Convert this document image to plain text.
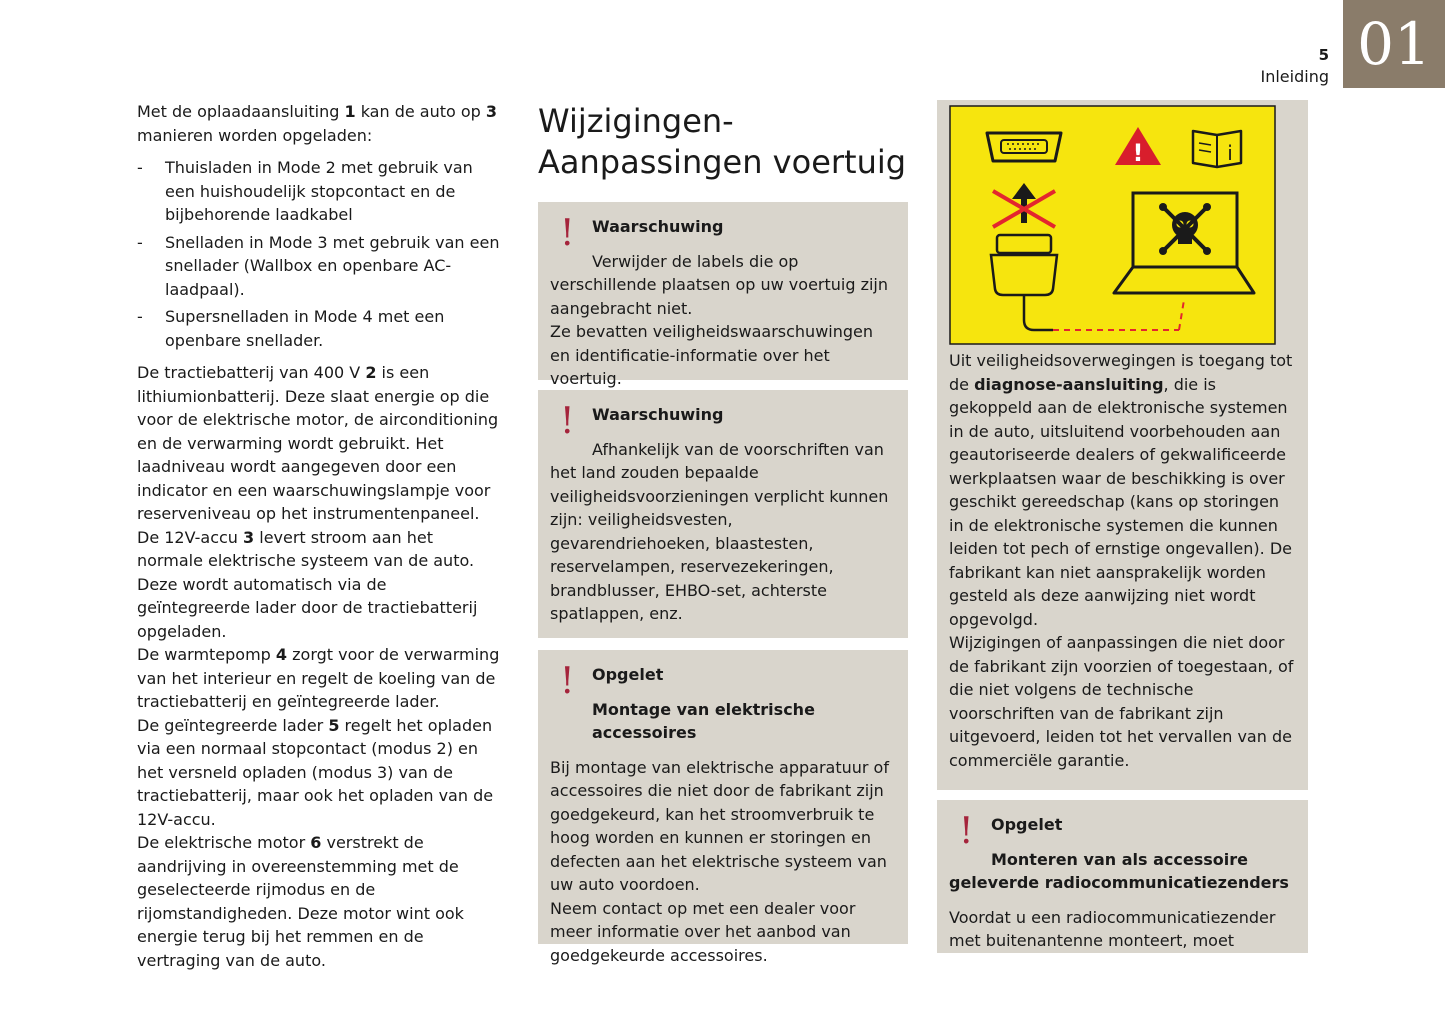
5
Inleiding 01

Met de oplaadaansluiting 1 kan de auto op 3 manieren worden opgeladen:

- Thuisladen in Mode 2 met gebruik van een huishoudelijk stopcontact en de bijbehorende laadkabel
- Snelladen in Mode 3 met gebruik van een snellader (Wallbox en openbare AC-laadpaal).
- Supersnelladen in Mode 4 met een openbare snellader.

De tractiebatterij van 400 V 2 is een lithiumionbatterij. Deze slaat energie op die voor de elektrische motor, de airconditioning en de verwarming wordt gebruikt. Het laadniveau wordt aangegeven door een indicator en een waarschuwingslampje voor reserveniveau op het instrumentenpaneel.

De 12V-accu 3 levert stroom aan het normale elektrische systeem van de auto. Deze wordt automatisch via de geïntegreerde lader door de tractiebatterij opgeladen.

De warmtepomp 4 zorgt voor de verwarming van het interieur en regelt de koeling van de tractiebatterij en geïntegreerde lader.

De geïntegreerde lader 5 regelt het opladen via een normaal stopcontact (modus 2) en het versneld opladen (modus 3) van de tractiebatterij, maar ook het opladen van de 12V-accu.

De elektrische motor 6 verstrekt de aandrijving in overeenstemming met de geselecteerde rijmodus en de rijomstandigheden. Deze motor wint ook energie terug bij het remmen en de vertraging van de auto.

Wijzigingen-Aanpassingen voertuig
! Waarschuwing
Verwijder de labels die op verschillende plaatsen op uw voertuig zijn aangebracht niet.
Ze bevatten veiligheidswaarschuwingen en identificatie-informatie over het voertuig.
! Waarschuwing
Afhankelijk van de voorschriften van het land zouden bepaalde veiligheidsvoorzieningen verplicht kunnen zijn: veiligheidsvesten, gevarendriehoeken, blaastesten, reservelampen, reservezekeringen, brandblusser, EHBO-set, achterste spatlappen, enz.
! Opgelet
Montage van elektrische accessoires
Bij montage van elektrische apparatuur of accessoires die niet door de fabrikant zijn goedgekeurd, kan het stroomverbruik te hoog worden en kunnen er storingen en defecten aan het elektrische systeem van uw auto voordoen.
Neem contact op met een dealer voor meer informatie over het aanbod van goedgekeurde accessoires.
!	i
Uit veiligheidsoverwegingen is toegang tot de diagnose-aansluiting, die is gekoppeld aan de elektronische systemen in de auto, uitsluitend voorbehouden aan geautoriseerde dealers of gekwalificeerde werkplaatsen waar de beschikking is over geschikt gereedschap (kans op storingen in de elektronische systemen die kunnen leiden tot pech of ernstige ongevallen). De fabrikant kan niet aansprakelijk worden gesteld als deze aanwijzing niet wordt opgevolgd.
Wijzigingen of aanpassingen die niet door de fabrikant zijn voorzien of toegestaan, of die niet volgens de technische voorschriften van de fabrikant zijn uitgevoerd, leiden tot het vervallen van de commerciële garantie.
! Opgelet
Monteren van als accessoire geleverde radiocommunicatiezenders
Voordat u een radiocommunicatiezender met buitenantenne monteert, moet
